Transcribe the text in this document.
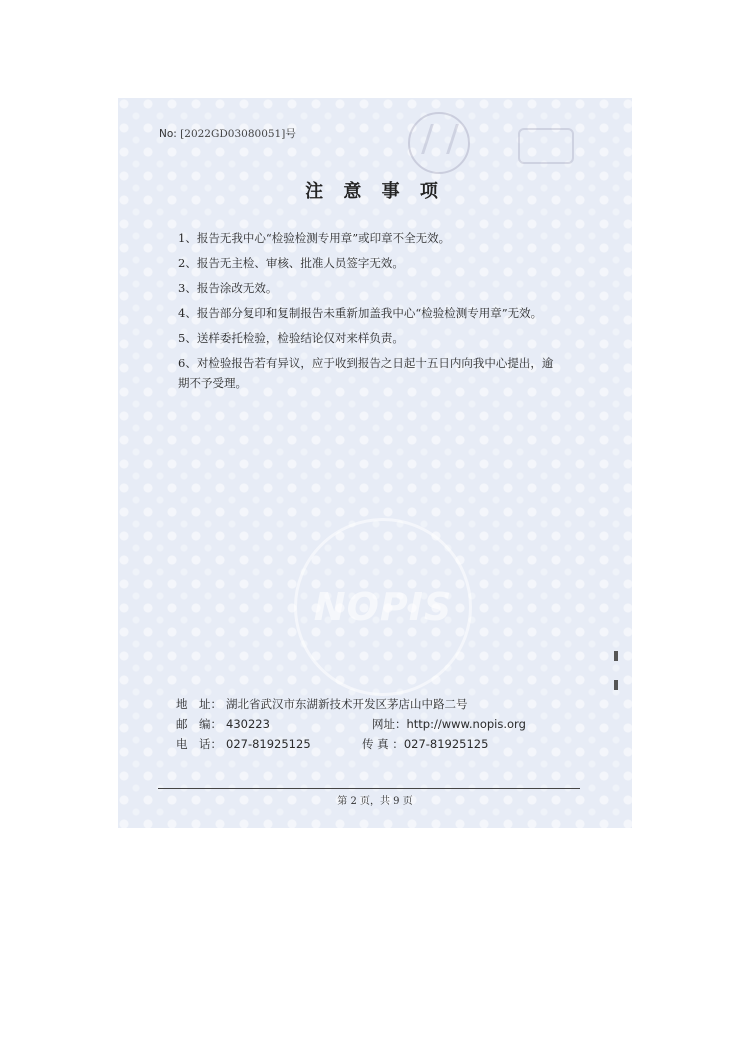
No: [2022GD03080051]号
注 意 事 项

1、报告无我中心“检验检测专用章”或印章不全无效。

2、报告无主检、审核、批准人员签字无效。

3、报告涂改无效。

4、报告部分复印和复制报告未重新加盖我中心“检验检测专用章”无效。

5、送样委托检验，检验结论仅对来样负责。

6、对检验报告若有异议，应于收到报告之日起十五日内向我中心提出，逾期不予受理。

NOPIS
地　址： 湖北省武汉市东湖新技术开发区茅店山中路二号
邮　编： 430223	网址：http://www.nopis.org
电　话： 027-81925125	传 真 ：027-81925125
第 2 页，共 9 页
